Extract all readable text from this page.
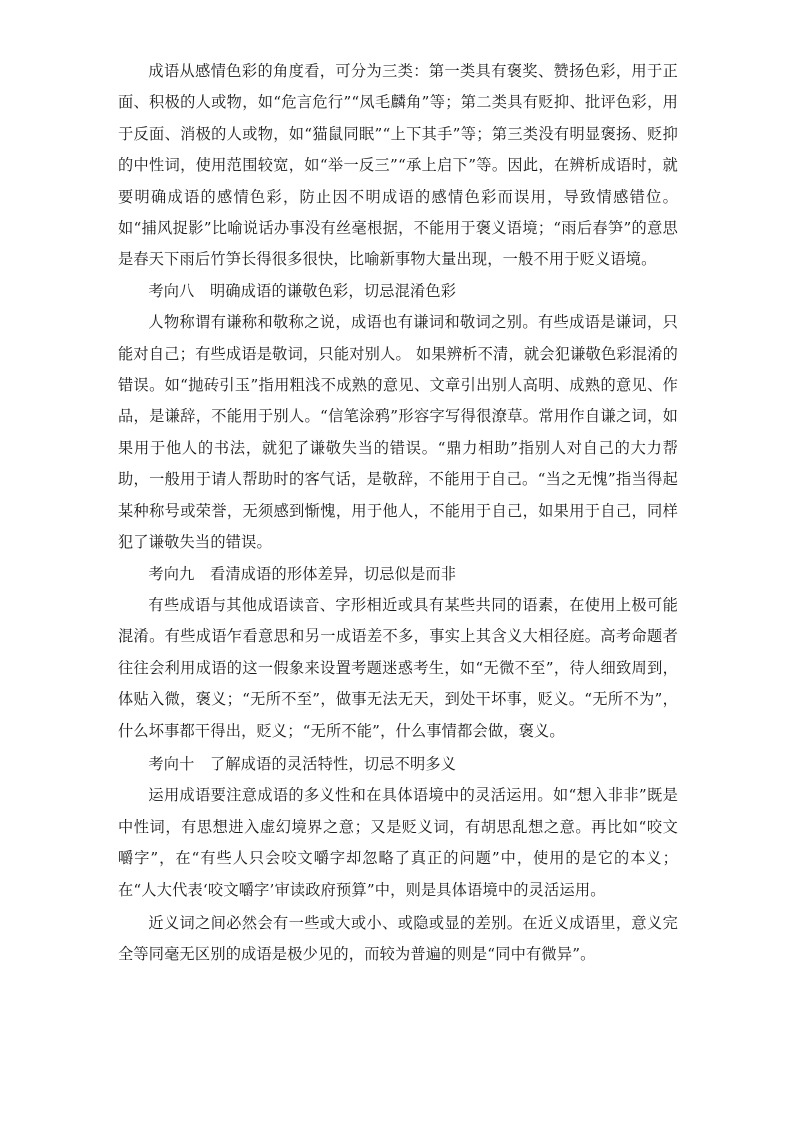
成语从感情色彩的角度看，可分为三类：第一类具有褒奖、赞扬色彩，用于正面、积极的人或物，如“危言危行”“凤毛麟角”等；第二类具有贬抑、批评色彩，用于反面、消极的人或物，如“猫鼠同眠”“上下其手”等；第三类没有明显褒扬、贬抑的中性词，使用范围较宽，如“举一反三”“承上启下”等。因此，在辨析成语时，就要明确成语的感情色彩，防止因不明成语的感情色彩而误用，导致情感错位。如“捕风捉影”比喻说话办事没有丝毫根据，不能用于褒义语境；“雨后春笋”的意思是春天下雨后竹笋长得很多很快，比喻新事物大量出现，一般不用于贬义语境。

考向八　明确成语的谦敬色彩，切忌混淆色彩

人物称谓有谦称和敬称之说，成语也有谦词和敬词之别。有些成语是谦词，只能对自己；有些成语是敬词，只能对别人。 如果辨析不清，就会犯谦敬色彩混淆的错误。如“抛砖引玉”指用粗浅不成熟的意见、文章引出别人高明、成熟的意见、作品，是谦辞，不能用于别人。“信笔涂鸦”形容字写得很潦草。常用作自谦之词，如果用于他人的书法，就犯了谦敬失当的错误。“鼎力相助”指别人对自己的大力帮助，一般用于请人帮助时的客气话，是敬辞，不能用于自己。“当之无愧”指当得起某种称号或荣誉，无须感到惭愧，用于他人，不能用于自己，如果用于自己，同样犯了谦敬失当的错误。

考向九　看清成语的形体差异，切忌似是而非

有些成语与其他成语读音、字形相近或具有某些共同的语素，在使用上极可能混淆。有些成语乍看意思和另一成语差不多，事实上其含义大相径庭。高考命题者往往会利用成语的这一假象来设置考题迷惑考生，如“无微不至”，待人细致周到，体贴入微，褒义；“无所不至”，做事无法无天，到处干坏事，贬义。“无所不为”，什么坏事都干得出，贬义；“无所不能”，什么事情都会做，褒义。

考向十　了解成语的灵活特性，切忌不明多义

运用成语要注意成语的多义性和在具体语境中的灵活运用。如“想入非非”既是中性词，有思想进入虚幻境界之意；又是贬义词，有胡思乱想之意。再比如“咬文嚼字”，在“有些人只会咬文嚼字却忽略了真正的问题”中，使用的是它的本义；在“人大代表‘咬文嚼字’审读政府预算”中，则是具体语境中的灵活运用。

近义词之间必然会有一些或大或小、或隐或显的差别。在近义成语里，意义完全等同毫无区别的成语是极少见的，而较为普遍的则是“同中有微异”。
